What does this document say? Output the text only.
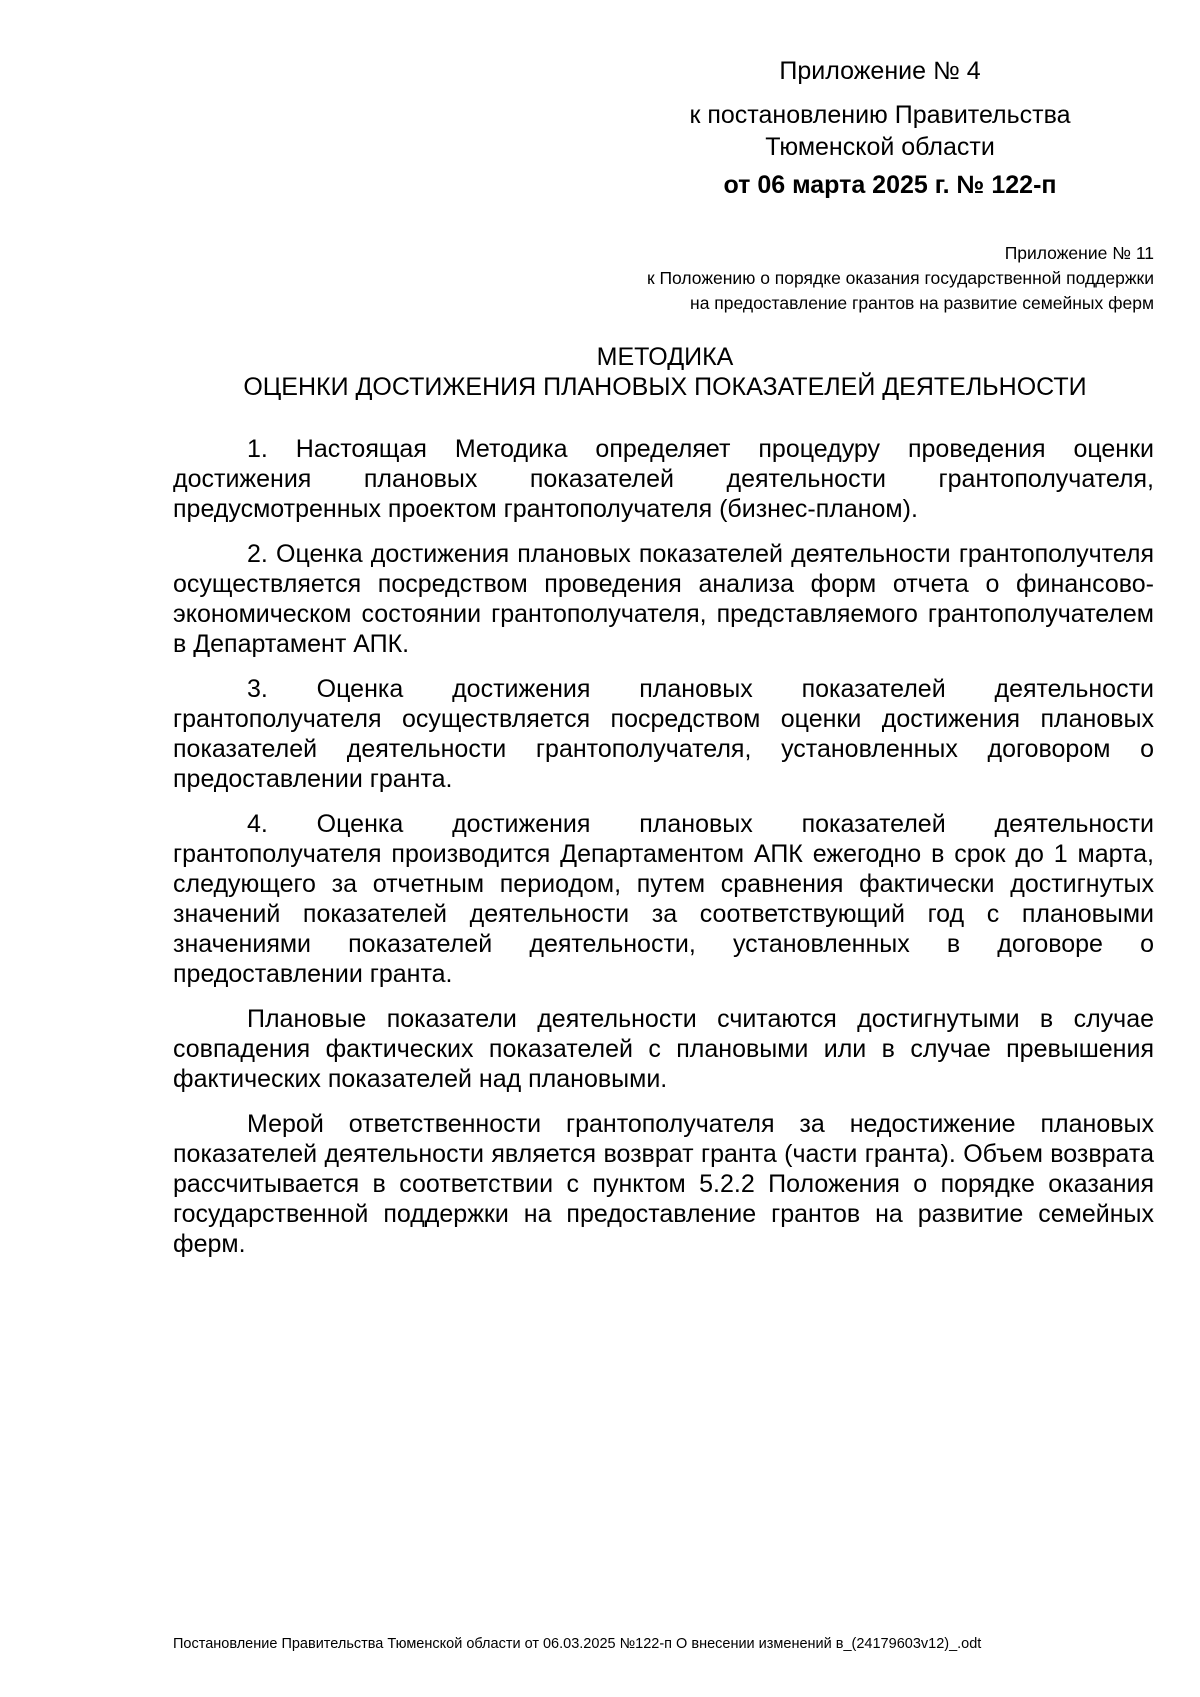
Приложение № 4
к постановлению Правительства
Тюменской области
от 06 марта 2025 г. № 122-п
Приложение № 11
к Положению о порядке оказания государственной поддержки
на предоставление грантов на развитие семейных ферм
МЕТОДИКА
ОЦЕНКИ ДОСТИЖЕНИЯ ПЛАНОВЫХ ПОКАЗАТЕЛЕЙ ДЕЯТЕЛЬНОСТИ

1. Настоящая Методика определяет процедуру проведения оценки достижения плановых показателей деятельности грантополучателя, предусмотренных проектом грантополучателя (бизнес-планом).

2. Оценка достижения плановых показателей деятельности грантополучтеля осуществляется посредством проведения анализа форм отчета о финансово-экономическом состоянии грантополучателя, представляемого грантополучателем в Департамент АПК.

3. Оценка достижения плановых показателей деятельности грантополучателя осуществляется посредством оценки достижения плановых показателей деятельности грантополучателя, установленных договором о предоставлении гранта.

4. Оценка достижения плановых показателей деятельности грантополучателя производится Департаментом АПК ежегодно в срок до 1 марта, следующего за отчетным периодом, путем сравнения фактически достигнутых значений показателей деятельности за соответствующий год с плановыми значениями показателей деятельности, установленных в договоре о предоставлении гранта.

Плановые показатели деятельности считаются достигнутыми в случае совпадения фактических показателей с плановыми или в случае превышения фактических показателей над плановыми.

Мерой ответственности грантополучателя за недостижение плановых показателей деятельности является возврат гранта (части гранта). Объем возврата рассчитывается в соответствии с пунктом 5.2.2 Положения о порядке оказания государственной поддержки на предоставление грантов на развитие семейных ферм.

Постановление Правительства Тюменской области от 06.03.2025 №122-п О внесении изменений в_(24179603v12)_.odt
